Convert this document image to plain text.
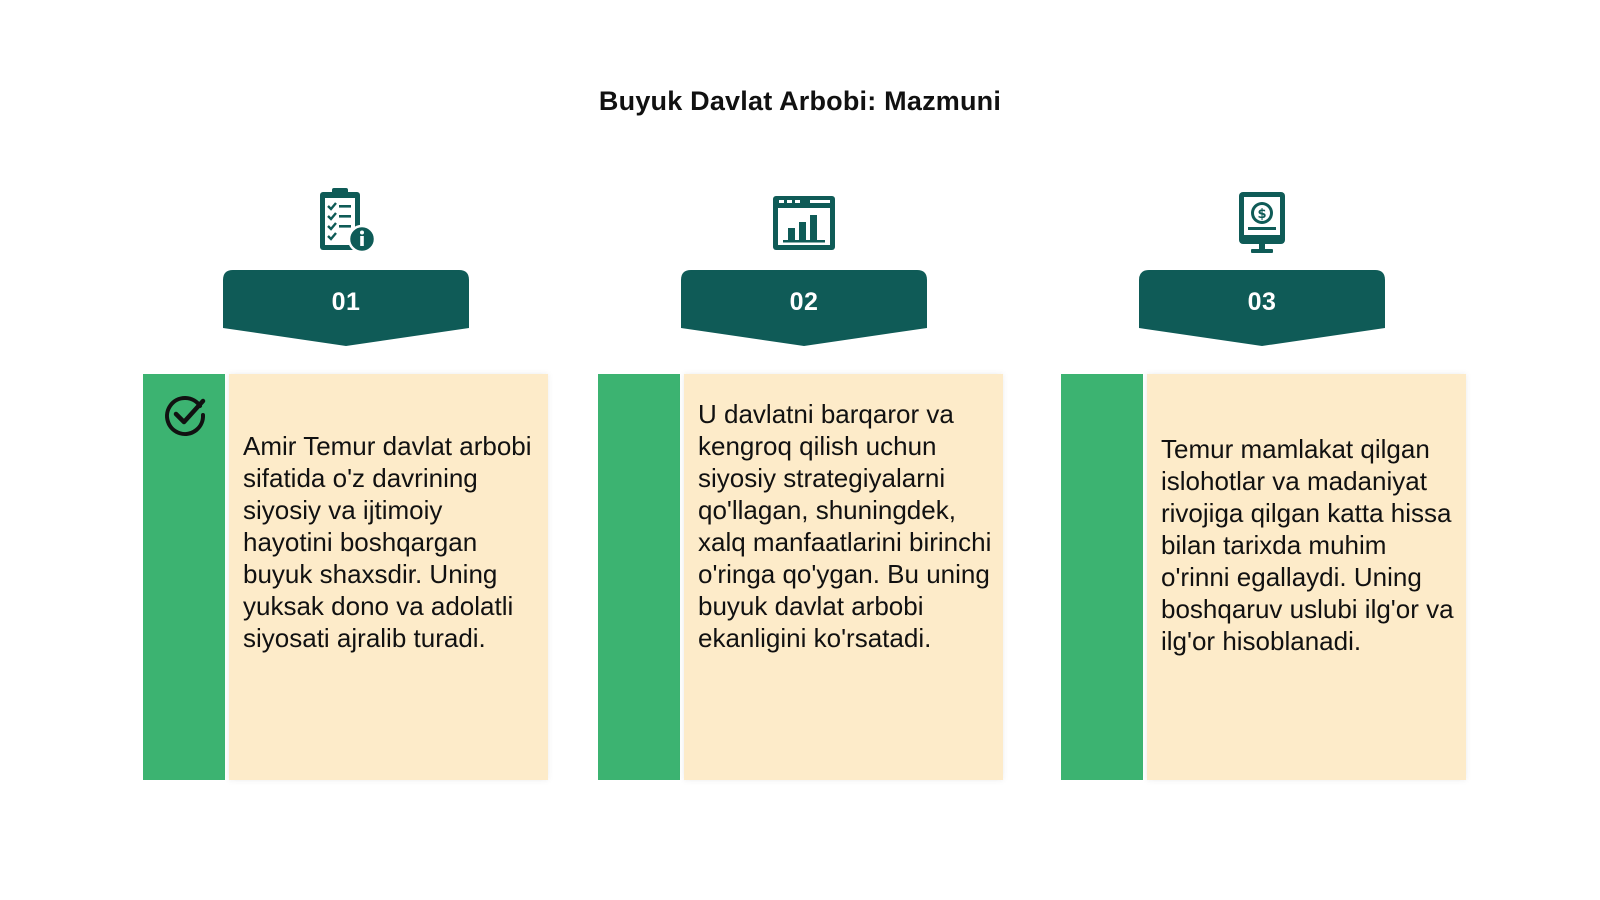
Buyuk Davlat Arbobi: Mazmuni
01	02
$
03
Amir Temur davlat arbobi sifatida o'z davrining siyosiy va ijtimoiy hayotini boshqargan buyuk shaxsdir. Uning yuksak dono va adolatli siyosati ajralib turadi.
U davlatni barqaror va kengroq qilish uchun siyosiy strategiyalarni qo'llagan, shuningdek, xalq manfaatlarini birinchi o'ringa qo'ygan. Bu uning buyuk davlat arbobi ekanligini ko'rsatadi.
Temur mamlakat qilgan islohotlar va madaniyat rivojiga qilgan katta hissa bilan tarixda muhim o'rinni egallaydi. Uning boshqaruv uslubi ilg'or va ilg'or hisoblanadi.
